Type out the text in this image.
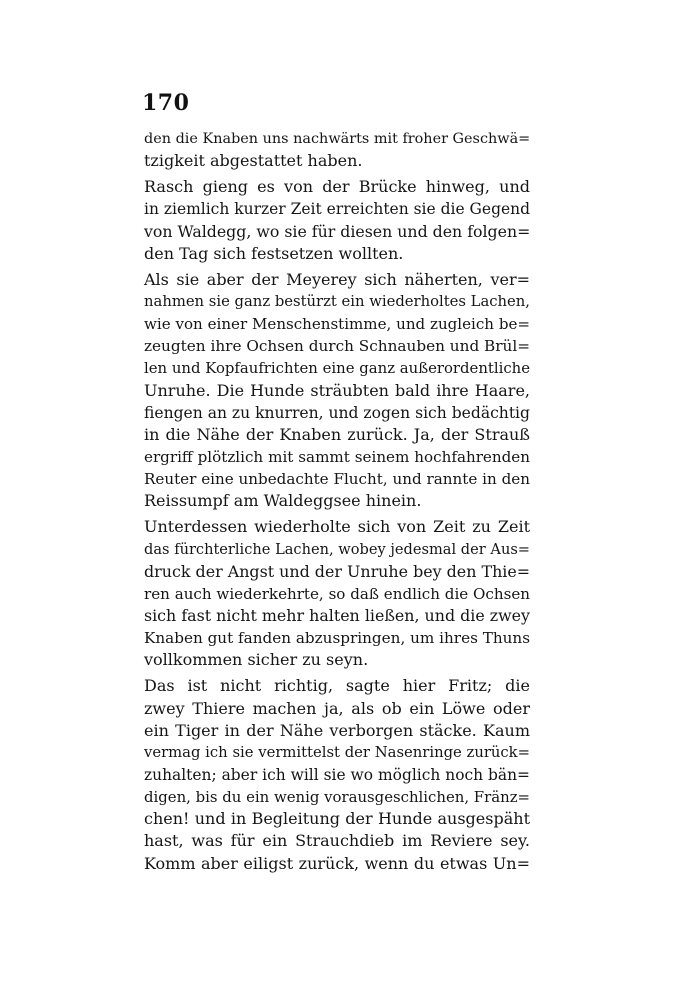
170
den die Knaben uns nachwärts mit froher Geschwä=
tzigkeit abgestattet haben.
Rasch gieng es von der Brücke hinweg, und
in ziemlich kurzer Zeit erreichten sie die Gegend
von Waldegg, wo sie für diesen und den folgen=
den Tag sich festsetzen wollten.
Als sie aber der Meyerey sich näherten, ver=
nahmen sie ganz bestürzt ein wiederholtes Lachen,
wie von einer Menschenstimme, und zugleich be=
zeugten ihre Ochsen durch Schnauben und Brül=
len und Kopfaufrichten eine ganz außerordentliche
Unruhe. Die Hunde sträubten bald ihre Haare,
fiengen an zu knurren, und zogen sich bedächtig
in die Nähe der Knaben zurück. Ja, der Strauß
ergriff plötzlich mit sammt seinem hochfahrenden
Reuter eine unbedachte Flucht, und rannte in den
Reissumpf am Waldeggsee hinein.
Unterdessen wiederholte sich von Zeit zu Zeit
das fürchterliche Lachen, wobey jedesmal der Aus=
druck der Angst und der Unruhe bey den Thie=
ren auch wiederkehrte, so daß endlich die Ochsen
sich fast nicht mehr halten ließen, und die zwey
Knaben gut fanden abzuspringen, um ihres Thuns
vollkommen sicher zu seyn.
Das ist nicht richtig, sagte hier Fritz; die
zwey Thiere machen ja, als ob ein Löwe oder
ein Tiger in der Nähe verborgen stäcke. Kaum
vermag ich sie vermittelst der Nasenringe zurück=
zuhalten; aber ich will sie wo möglich noch bän=
digen, bis du ein wenig vorausgeschlichen, Fränz=
chen! und in Begleitung der Hunde ausgespäht
hast, was für ein Strauchdieb im Reviere sey.
Komm aber eiligst zurück, wenn du etwas Un=
